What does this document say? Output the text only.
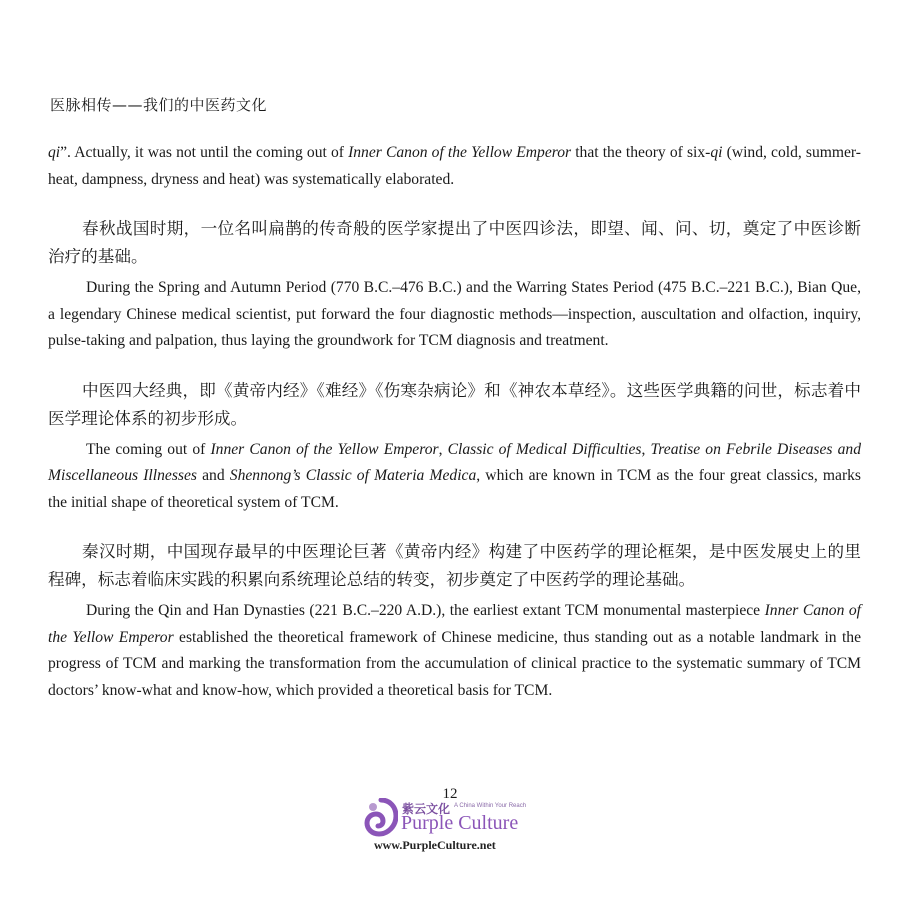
医脉相传——我们的中医药文化

qi”. Actually, it was not until the coming out of Inner Canon of the Yellow Emperor that the theory of six-qi (wind, cold, summer-heat, dampness, dryness and heat) was systematically elaborated.

春秋战国时期，一位名叫扁鹊的传奇般的医学家提出了中医四诊法，即望、闻、问、切，奠定了中医诊断治疗的基础。

During the Spring and Autumn Period (770 B.C.–476 B.C.) and the Warring States Period (475 B.C.–221 B.C.), Bian Que, a legendary Chinese medical scientist, put forward the four diagnostic methods—inspection, auscultation and olfaction, inquiry, pulse-taking and palpation, thus laying the groundwork for TCM diagnosis and treatment.

中医四大经典，即《黄帝内经》《难经》《伤寒杂病论》和《神农本草经》。这些医学典籍的问世，标志着中医学理论体系的初步形成。

The coming out of Inner Canon of the Yellow Emperor, Classic of Medical Difficulties, Treatise on Febrile Diseases and Miscellaneous Illnesses and Shennong’s Classic of Materia Medica, which are known in TCM as the four great classics, marks the initial shape of theoretical system of TCM.

秦汉时期，中国现存最早的中医理论巨著《黄帝内经》构建了中医药学的理论框架，是中医发展史上的里程碑，标志着临床实践的积累向系统理论总结的转变，初步奠定了中医药学的理论基础。

During the Qin and Han Dynasties (221 B.C.–220 A.D.), the earliest extant TCM monumental masterpiece Inner Canon of the Yellow Emperor established the theoretical framework of Chinese medicine, thus standing out as a notable landmark in the progress of TCM and marking the transformation from the accumulation of clinical practice to the systematic summary of TCM doctors’ know-what and know-how, which provided a theoretical basis for TCM.

12
紫云文化 A China Within Your Reach
Purple Culture
www.PurpleCulture.net
